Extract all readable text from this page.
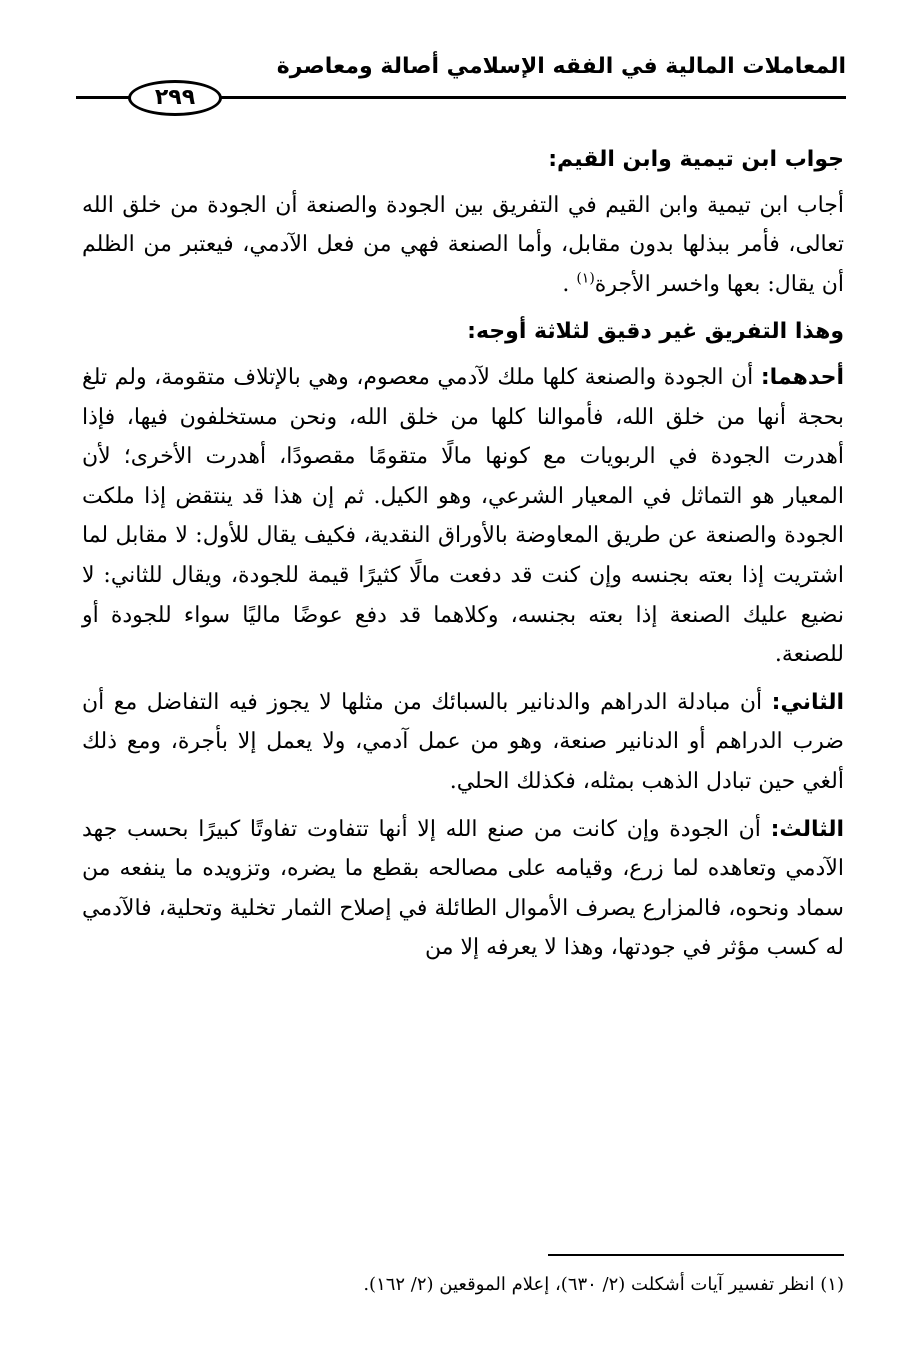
المعاملات المالية في الفقه الإسلامي أصالة ومعاصرة
٢٩٩

جواب ابن تيمية وابن القيم:

أجاب ابن تيمية وابن القيم في التفريق بين الجودة والصنعة أن الجودة من خلق الله تعالى، فأمر ببذلها بدون مقابل، وأما الصنعة فهي من فعل الآدمي، فيعتبر من الظلم أن يقال: بعها واخسر الأجرة$^{(١)}$ .

وهذا التفريق غير دقيق لثلاثة أوجه:

أحدهما: أن الجودة والصنعة كلها ملك لآدمي معصوم، وهي بالإتلاف متقومة، ولم تلغ بحجة أنها من خلق الله، فأموالنا كلها من خلق الله، ونحن مستخلفون فيها، فإذا أهدرت الجودة في الربويات مع كونها مالًا متقومًا مقصودًا، أهدرت الأخرى؛ لأن المعيار هو التماثل في المعيار الشرعي، وهو الكيل. ثم إن هذا قد ينتقض إذا ملكت الجودة والصنعة عن طريق المعاوضة بالأوراق النقدية، فكيف يقال للأول: لا مقابل لما اشتريت إذا بعته بجنسه وإن كنت قد دفعت مالًا كثيرًا قيمة للجودة، ويقال للثاني: لا نضيع عليك الصنعة إذا بعته بجنسه، وكلاهما قد دفع عوضًا ماليًا سواء للجودة أو للصنعة.

الثاني: أن مبادلة الدراهم والدنانير بالسبائك من مثلها لا يجوز فيه التفاضل مع أن ضرب الدراهم أو الدنانير صنعة، وهو من عمل آدمي، ولا يعمل إلا بأجرة، ومع ذلك ألغي حين تبادل الذهب بمثله، فكذلك الحلي.

الثالث: أن الجودة وإن كانت من صنع الله إلا أنها تتفاوت تفاوتًا كبيرًا بحسب جهد الآدمي وتعاهده لما زرع، وقيامه على مصالحه بقطع ما يضره، وتزويده ما ينفعه من سماد ونحوه، فالمزارع يصرف الأموال الطائلة في إصلاح الثمار تخلية وتحلية، فالآدمي له كسب مؤثر في جودتها، وهذا لا يعرفه إلا من

(١) انظر تفسير آيات أشكلت (٢/ ٦٣٠)، إعلام الموقعين (٢/ ١٦٢).
